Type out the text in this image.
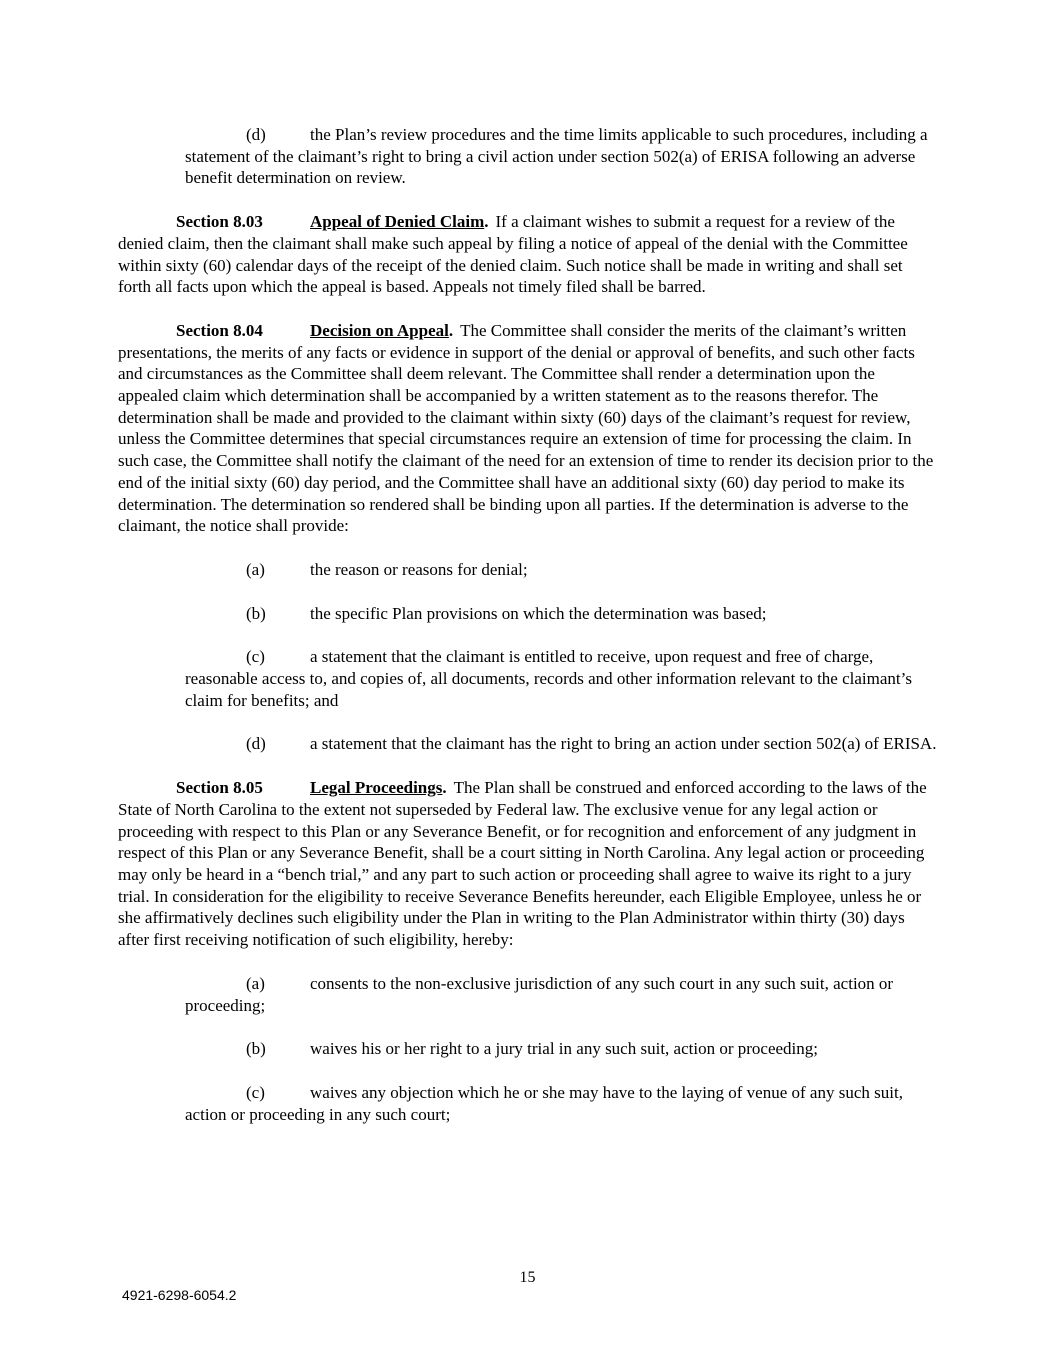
(d)	the Plan’s review procedures and the time limits applicable to such procedures, including a statement of the claimant’s right to bring a civil action under section 502(a) of ERISA following an adverse benefit determination on review.

Section 8.03	Appeal of Denied Claim. If a claimant wishes to submit a request for a review of the denied claim, then the claimant shall make such appeal by filing a notice of appeal of the denial with the Committee within sixty (60) calendar days of the receipt of the denied claim. Such notice shall be made in writing and shall set forth all facts upon which the appeal is based. Appeals not timely filed shall be barred.

Section 8.04	Decision on Appeal. The Committee shall consider the merits of the claimant’s written presentations, the merits of any facts or evidence in support of the denial or approval of benefits, and such other facts and circumstances as the Committee shall deem relevant. The Committee shall render a determination upon the appealed claim which determination shall be accompanied by a written statement as to the reasons therefor. The determination shall be made and provided to the claimant within sixty (60) days of the claimant’s request for review, unless the Committee determines that special circumstances require an extension of time for processing the claim. In such case, the Committee shall notify the claimant of the need for an extension of time to render its decision prior to the end of the initial sixty (60) day period, and the Committee shall have an additional sixty (60) day period to make its determination. The determination so rendered shall be binding upon all parties. If the determination is adverse to the claimant, the notice shall provide:

(a)	the reason or reasons for denial;

(b)	the specific Plan provisions on which the determination was based;

(c)	a statement that the claimant is entitled to receive, upon request and free of charge, reasonable access to, and copies of, all documents, records and other information relevant to the claimant’s claim for benefits; and

(d)	a statement that the claimant has the right to bring an action under section 502(a) of ERISA.

Section 8.05	Legal Proceedings. The Plan shall be construed and enforced according to the laws of the State of North Carolina to the extent not superseded by Federal law. The exclusive venue for any legal action or proceeding with respect to this Plan or any Severance Benefit, or for recognition and enforcement of any judgment in respect of this Plan or any Severance Benefit, shall be a court sitting in North Carolina. Any legal action or proceeding may only be heard in a “bench trial,” and any part to such action or proceeding shall agree to waive its right to a jury trial. In consideration for the eligibility to receive Severance Benefits hereunder, each Eligible Employee, unless he or she affirmatively declines such eligibility under the Plan in writing to the Plan Administrator within thirty (30) days after first receiving notification of such eligibility, hereby:

(a)	consents to the non-exclusive jurisdiction of any such court in any such suit, action or proceeding;

(b)	waives his or her right to a jury trial in any such suit, action or proceeding;

(c)	waives any objection which he or she may have to the laying of venue of any such suit, action or proceeding in any such court;

15
4921-6298-6054.2
